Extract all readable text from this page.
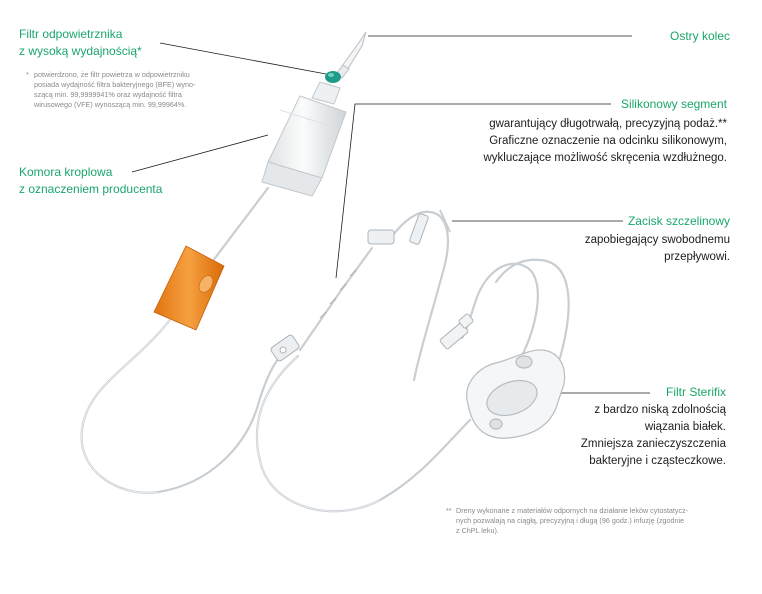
Filtr odpowietrznika
z wysoką wydajnością*
* potwierdzono, że filtr powietrza w odpowietrzniku
posiada wydajność filtra bakteryjnego (BFE) wyno-
szącą min. 99,9999941% oraz wydajność filtra
wirusowego (VFE) wynoszącą min. 99,99964%.
Komora kroplowa
z oznaczeniem producenta
Ostry kolec
Silikonowy segment
gwarantujący długotrwałą, precyzyjną podaż.**
Graficzne oznaczenie na odcinku silikonowym,
wykluczające możliwość skręcenia wzdłużnego.
Zacisk szczelinowy
zapobiegający swobodnemu
przepływowi.
Filtr Sterifix
z bardzo niską zdolnością
wiązania białek.
Zmniejsza zanieczyszczenia
bakteryjne i cząsteczkowe.
** Dreny wykonane z materiałów odpornych na działanie leków cytostatycz-
nych pozwalają na ciągłą, precyzyjną i długą (96 godz.) infuzję (zgodnie
z ChPL leku).
